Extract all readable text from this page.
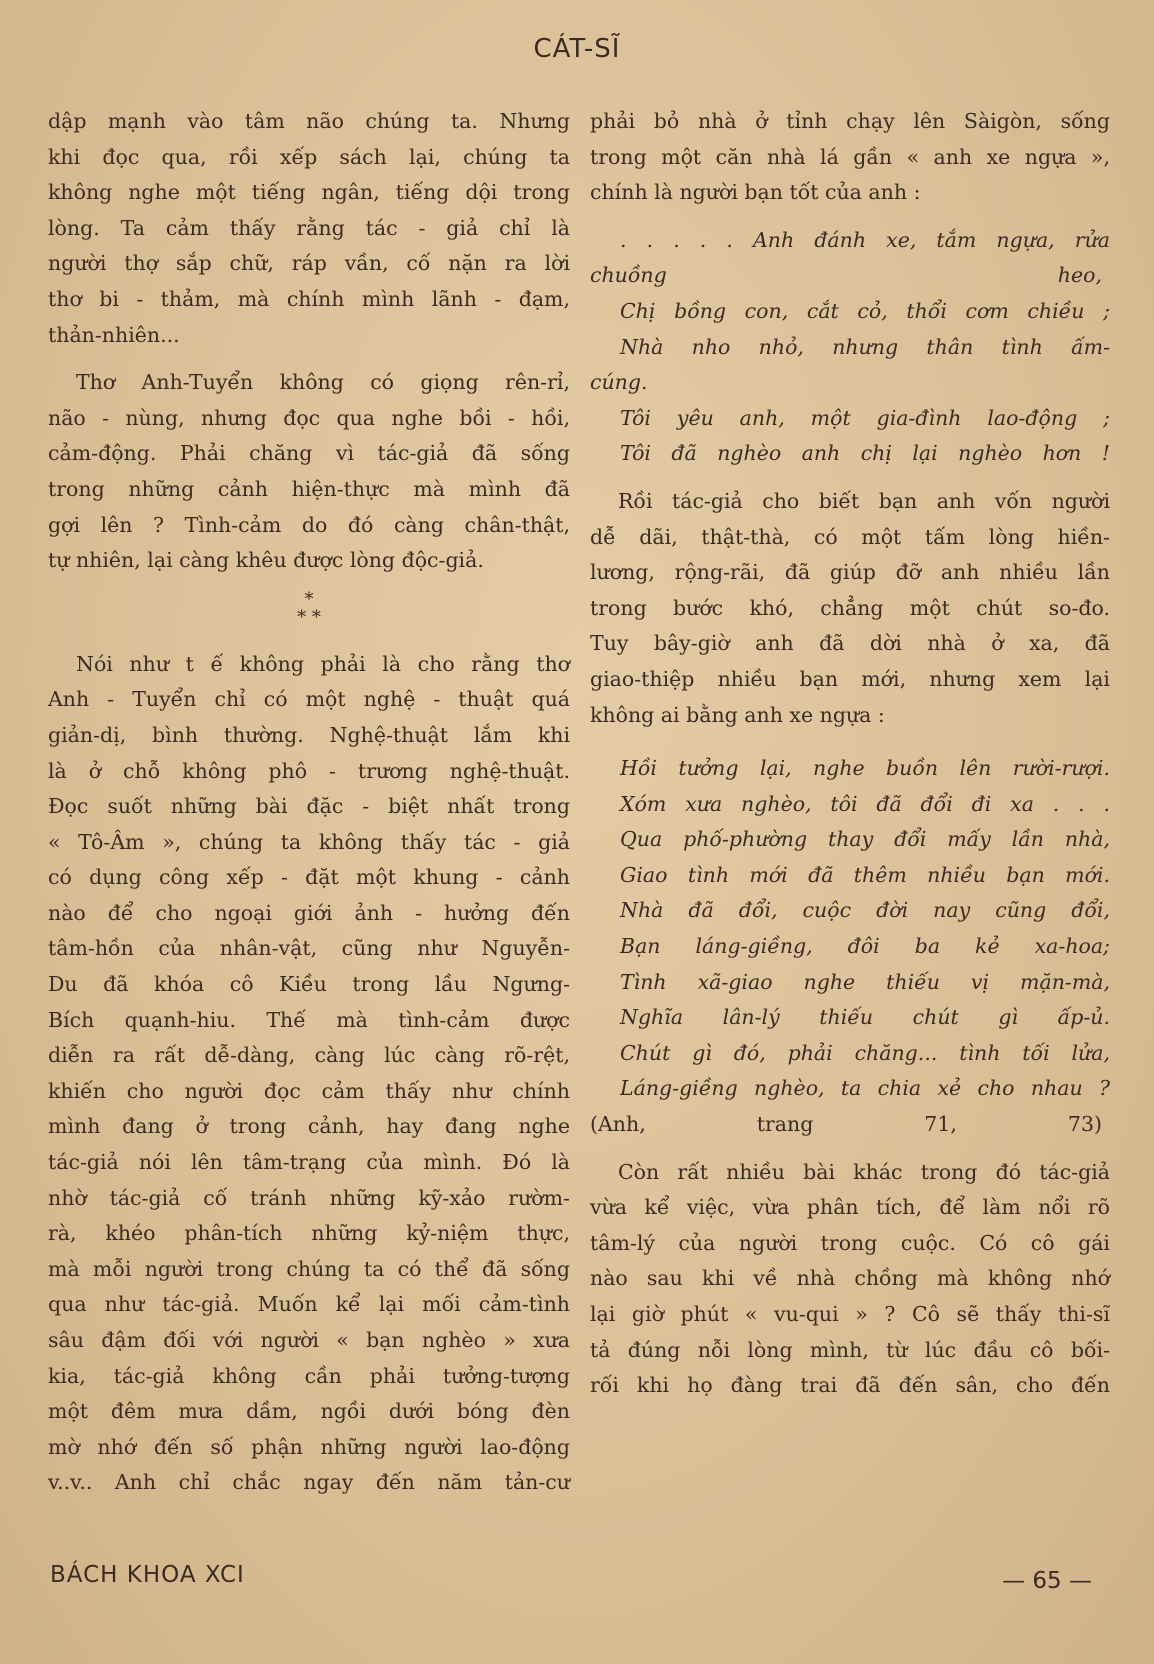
CÁT-SĨ

dập mạnh vào tâm não chúng ta. Nhưng

khi đọc qua, rồi xếp sách lại, chúng ta

không nghe một tiếng ngân, tiếng dội trong

lòng. Ta cảm thấy rằng tác - giả chỉ là

người thợ sắp chữ, ráp vần, cố nặn ra lời

thơ bi - thảm, mà chính mình lãnh - đạm,

thản-nhiên...

Thơ Anh-Tuyển không có giọng rên-rỉ,

não - nùng, nhưng đọc qua nghe bồi - hồi,

cảm-động. Phải chăng vì tác-giả đã sống

trong những cảnh hiện-thực mà mình đã

gợi lên ? Tình-cảm do đó càng chân-thật,

tự nhiên, lại càng khêu được lòng độc-giả.

*
* *

Nói như t ế không phải là cho rằng thơ

Anh - Tuyển chỉ có một nghệ - thuật quá

giản-dị, bình thường. Nghệ-thuật lắm khi

là ở chỗ không phô - trương nghệ-thuật.

Đọc suốt những bài đặc - biệt nhất trong

« Tô-Âm », chúng ta không thấy tác - giả

có dụng công xếp - đặt một khung - cảnh

nào để cho ngoại giới ảnh - hưởng đến

tâm-hồn của nhân-vật, cũng như Nguyễn-

Du đã khóa cô Kiều trong lầu Ngưng-

Bích quạnh-hiu. Thế mà tình-cảm được

diễn ra rất dễ-dàng, càng lúc càng rõ-rệt,

khiến cho người đọc cảm thấy như chính

mình đang ở trong cảnh, hay đang nghe

tác-giả nói lên tâm-trạng của mình. Đó là

nhờ tác-giả cố tránh những kỹ-xảo rườm-

rà, khéo phân-tích những kỷ-niệm thực,

mà mỗi người trong chúng ta có thể đã sống

qua như tác-giả. Muốn kể lại mối cảm-tình

sâu đậm đối với người « bạn nghèo » xưa

kia, tác-giả không cần phải tưởng-tượng

một đêm mưa dầm, ngồi dưới bóng đèn

mờ nhớ đến số phận những người lao-động

v..v.. Anh chỉ chắc ngay đến năm tản-cư

phải bỏ nhà ở tỉnh chạy lên Sàigòn, sống

trong một căn nhà lá gần « anh xe ngựa »,

chính là người bạn tốt của anh :

. . . . . Anh đánh xe, tắm ngựa, rửa

chuồng heo,

Chị bồng con, cắt cỏ, thổi cơm chiều ;

Nhà nho nhỏ, nhưng thân tình ấm-

cúng.

Tôi yêu anh, một gia-đình lao-động ;

Tôi đã nghèo anh chị lại nghèo hơn !

Rồi tác-giả cho biết bạn anh vốn người

dễ dãi, thật-thà, có một tấm lòng hiền-

lương, rộng-rãi, đã giúp đỡ anh nhiều lần

trong bước khó, chẳng một chút so-đo.

Tuy bây-giờ anh đã dời nhà ở xa, đã

giao-thiệp nhiều bạn mới, nhưng xem lại

không ai bằng anh xe ngựa :

Hồi tưởng lại, nghe buồn lên rười-rượi.

Xóm xưa nghèo, tôi đã đổi đi xa . . .

Qua phố-phường thay đổi mấy lần nhà,

Giao tình mới đã thêm nhiều bạn mới.

Nhà đã đổi, cuộc đời nay cũng đổi,

Bạn láng-giềng, đôi ba kẻ xa-hoa;

Tình xã-giao nghe thiếu vị mặn-mà,

Nghĩa lân-lý thiếu chút gì ấp-ủ.

Chút gì đó, phải chăng... tình tối lửa,

Láng-giềng nghèo, ta chia xẻ cho nhau ?

(Anh, trang 71, 73)

Còn rất nhiều bài khác trong đó tác-giả

vừa kể việc, vừa phân tích, để làm nổi rõ

tâm-lý của người trong cuộc. Có cô gái

nào sau khi về nhà chồng mà không nhớ

lại giờ phút « vu-qui » ? Cô sẽ thấy thi-sĩ

tả đúng nỗi lòng mình, từ lúc đầu cô bối-

rối khi họ đàng trai đã đến sân, cho đến

BÁCH KHOA XCI	— 65 —
